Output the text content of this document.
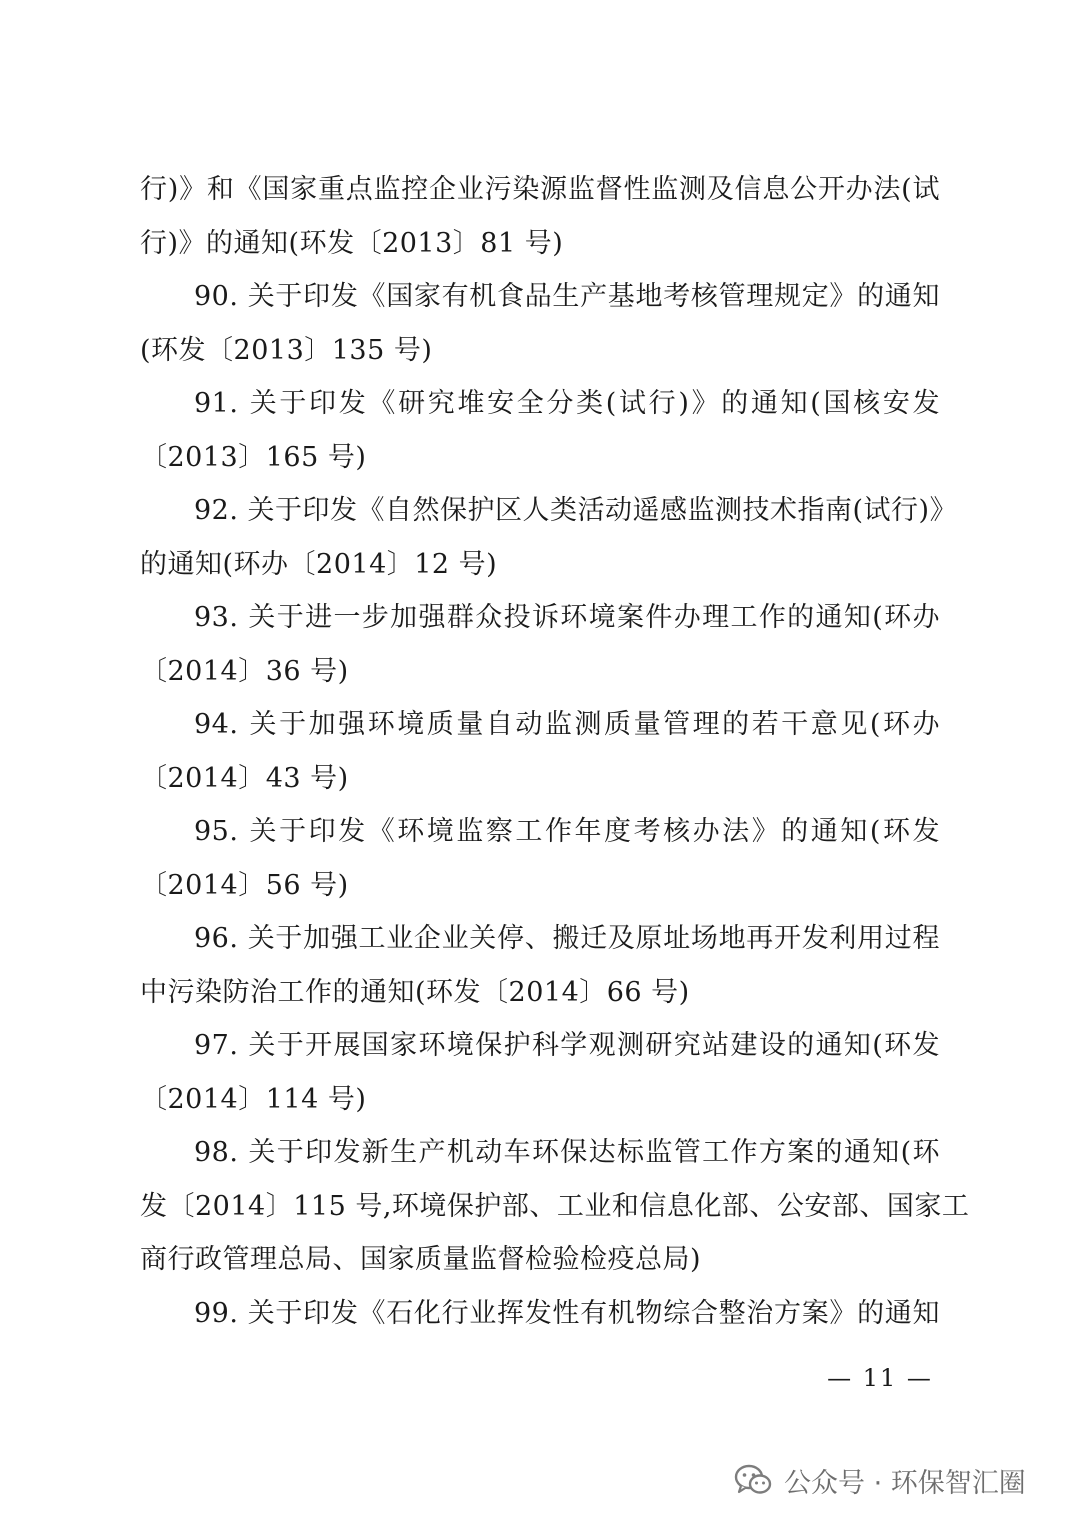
行)》和《国家重点监控企业污染源监督性监测及信息公开办法(试
行)》的通知(环发〔2013〕81 号)
90. 关于印发《国家有机食品生产基地考核管理规定》的通知
(环发〔2013〕135 号)
91. 关于印发《研究堆安全分类(试行)》的通知(国核安发
〔2013〕165 号)
92. 关于印发《自然保护区人类活动遥感监测技术指南(试行)》
的通知(环办〔2014〕12 号)
93. 关于进一步加强群众投诉环境案件办理工作的通知(环办
〔2014〕36 号)
94. 关于加强环境质量自动监测质量管理的若干意见(环办
〔2014〕43 号)
95. 关于印发《环境监察工作年度考核办法》的通知(环发
〔2014〕56 号)
96. 关于加强工业企业关停、搬迁及原址场地再开发利用过程
中污染防治工作的通知(环发〔2014〕66 号)
97. 关于开展国家环境保护科学观测研究站建设的通知(环发
〔2014〕114 号)
98. 关于印发新生产机动车环保达标监管工作方案的通知(环
发〔2014〕115 号,环境保护部、工业和信息化部、公安部、国家工
商行政管理总局、国家质量监督检验检疫总局)
99. 关于印发《石化行业挥发性有机物综合整治方案》的通知
— 11 —
公众号 · 环保智汇圈
